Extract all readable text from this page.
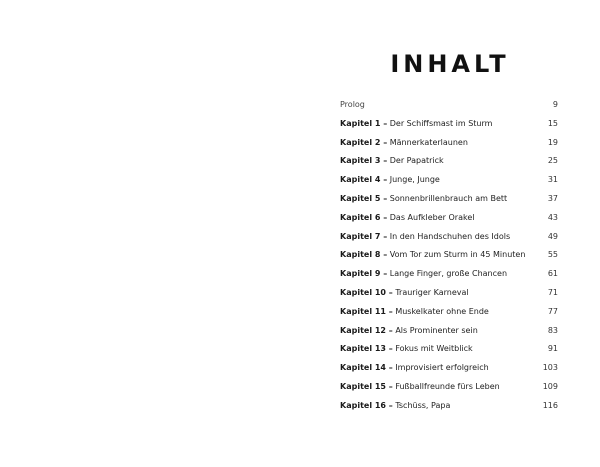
INHALT
Prolog	9
Kapitel 1 – Der Schiffsmast im Sturm	15
Kapitel 2 – Männerkaterlaunen	19
Kapitel 3 – Der Papatrick	25
Kapitel 4 – Junge, Junge	31
Kapitel 5 – Sonnenbrillenbrauch am Bett	37
Kapitel 6 – Das Aufkleber Orakel	43
Kapitel 7 – In den Handschuhen des Idols	49
Kapitel 8 – Vom Tor zum Sturm in 45 Minuten	55
Kapitel 9 – Lange Finger, große Chancen	61
Kapitel 10 – Trauriger Karneval	71
Kapitel 11 – Muskelkater ohne Ende	77
Kapitel 12 – Als Prominenter sein	83
Kapitel 13 – Fokus mit Weitblick	91
Kapitel 14 – Improvisiert erfolgreich	103
Kapitel 15 – Fußballfreunde fürs Leben	109
Kapitel 16 – Tschüss, Papa	116
